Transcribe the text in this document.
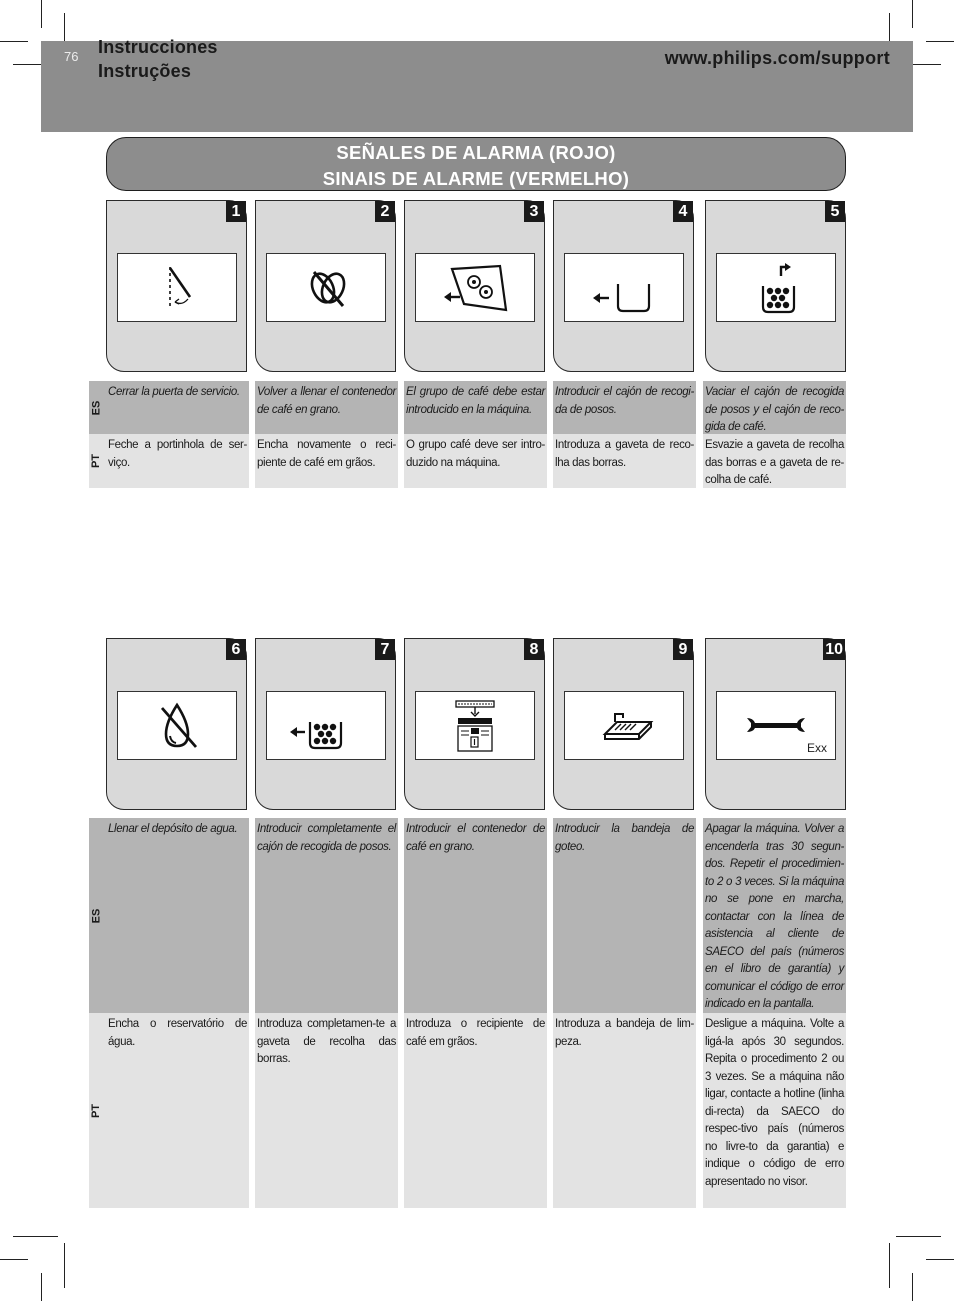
76 Instrucciones
Instruções
www.philips.com/support
SEÑALES DE ALARMA (ROJO)
SINAIS DE ALARME (VERMELHO)
ES
PT
1
Cerrar la puerta de servicio.
Feche a portinhola de ser-viço.
2
Volver a llenar el contenedor de café en grano.
Encha novamente o reci-piente de café em grãos.
3
El grupo de café debe estar introducido en la máquina.
O grupo café deve ser intro-duzido na máquina.
4
Introducir el cajón de recogi-da de posos.
Introduza a gaveta de reco-lha das borras.
5
Vaciar el cajón de recogida de posos y el cajón de reco-gida de café.
Esvazie a gaveta de recolha das borras e a gaveta de re-colha de café.
ES
PT
6
Llenar el depósito de agua.
Encha o reservatório de água.
7
Introducir completamente el cajón de recogida de posos.
Introduza completamen-te a gaveta de recolha das borras.
8
Introducir el contenedor de café en grano.
Introduza o recipiente de café em grãos.
9
Introducir la bandeja de goteo.
Introduza a bandeja de lim-peza.
10
Exx
Apagar la máquina. Volver a encenderla tras 30 segun-dos. Repetir el procedimien-to 2 o 3 veces. Si la máquina no se pone en marcha, contactar con la línea de asistencia al cliente de SAECO del país (números en el libro de garantía) y comunicar el código de error indicado en la pantalla.
Desligue a máquina. Volte a ligá-la após 30 segundos. Repita o procedimento 2 ou 3 vezes. Se a máquina não ligar, contacte a hotline (linha di-recta) da SAECO do respec-tivo país (números no livre-to da garantia) e indique o código de erro apresentado no visor.
